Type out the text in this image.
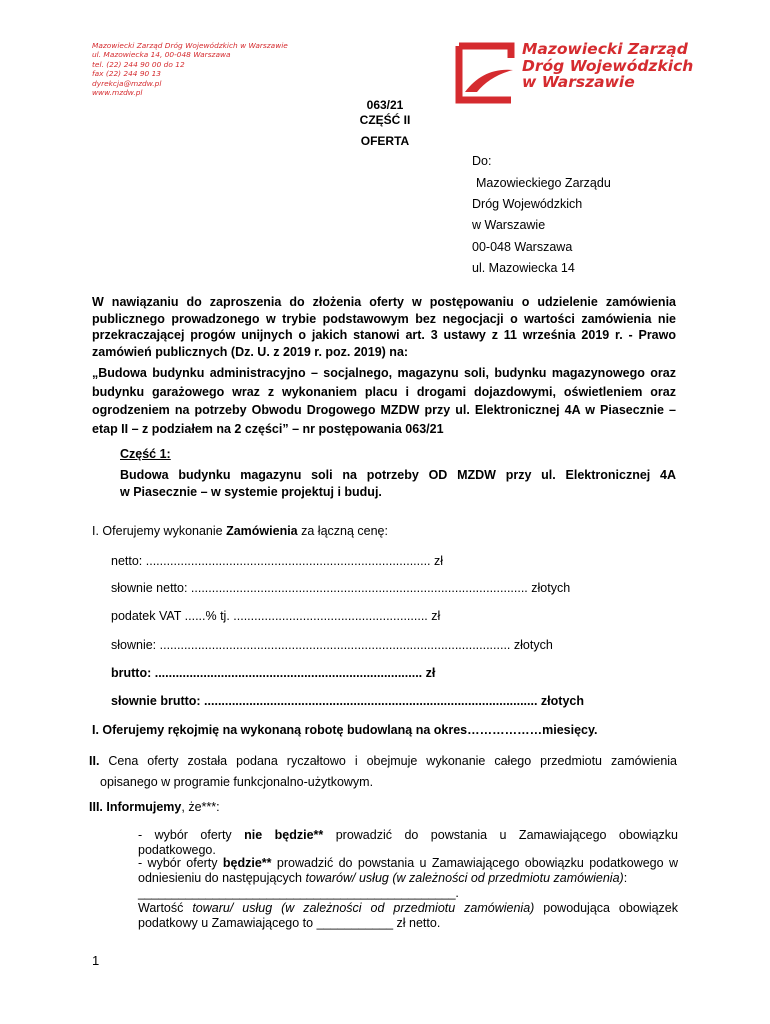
Mazowiecki Zarząd Dróg Wojewódzkich w Warszawie
ul. Mazowiecka 14, 00-048 Warszawa
tel. (22) 244 90 00 do 12
fax (22) 244 90 13
dyrekcja@mzdw.pl
www.mzdw.pl
Mazowiecki Zarząd
Dróg Wojewódzkich
w Warszawie
063/21
CZĘŚĆ II
OFERTA
Do:
Mazowieckiego Zarządu
Dróg Wojewódzkich
w Warszawie
00-048 Warszawa
ul. Mazowiecka 14
W nawiązaniu do zaproszenia do złożenia oferty w postępowaniu o udzielenie zamówienia
publicznego prowadzonego w trybie podstawowym bez negocjacji o wartości zamówienia nie
przekraczającej progów unijnych o jakich stanowi art. 3 ustawy z 11 września 2019 r. - Prawo
zamówień publicznych (Dz. U. z 2019 r. poz. 2019) na:
„Budowa budynku administracyjno – socjalnego, magazynu soli, budynku magazynowego oraz
budynku garażowego wraz z wykonaniem placu i drogami dojazdowymi, oświetleniem oraz
ogrodzeniem na potrzeby Obwodu Drogowego MZDW przy ul. Elektronicznej 4A w Piasecznie –
etap II – z podziałem na 2 części” – nr postępowania 063/21
Część 1:
Budowa budynku magazynu soli na potrzeby OD MZDW przy ul. Elektronicznej 4A
w Piasecznie – w systemie projektuj i buduj.
I. Oferujemy wykonanie Zamówienia za łączną cenę:
netto: .................................................................................. zł
słownie netto: ................................................................................................. złotych
podatek VAT ......% tj. ........................................................ zł
słownie: ..................................................................................................... złotych
brutto: ............................................................................. zł
słownie brutto: ................................................................................................ złotych
I. Oferujemy rękojmię na wykonaną robotę budowlaną na okres………………miesięcy.
II. Cena oferty została podana ryczałtowo i obejmuje wykonanie całego przedmiotu zamówienia
opisanego w programie funkcjonalno-użytkowym.
III. Informujemy, że***:
- wybór oferty nie będzie** prowadzić do powstania u Zamawiającego obowiązku
podatkowego.
- wybór oferty będzie** prowadzić do powstania u Zamawiającego obowiązku podatkowego w
odniesieniu do następujących towarów/ usług (w zależności od przedmiotu zamówienia):
_______________________________________________.
Wartość towaru/ usług (w zależności od przedmiotu zamówienia) powodująca obowiązek
podatkowy u Zamawiającego to ___________ zł netto.
1
